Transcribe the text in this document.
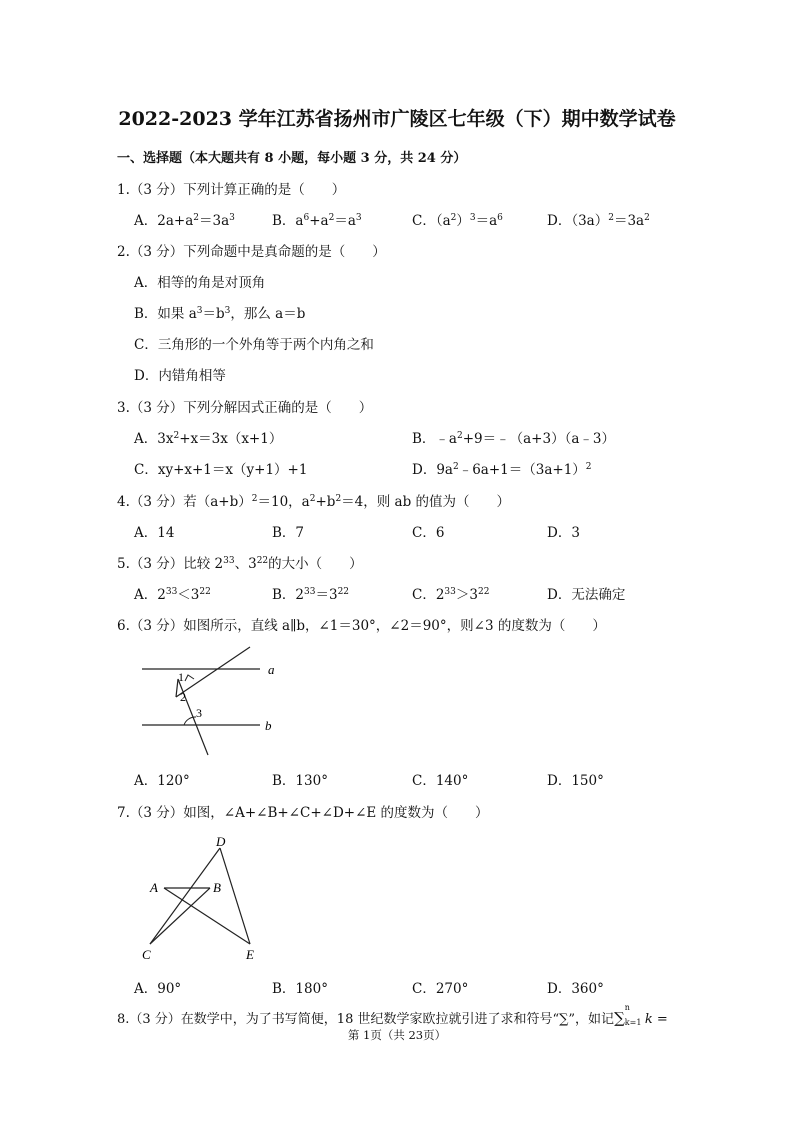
2022-2023 学年江苏省扬州市广陵区七年级（下）期中数学试卷
一、选择题（本大题共有 8 小题，每小题 3 分，共 24 分）
1.（3 分）下列计算正确的是（　　）
A．$2a+a^2=3a^3$	B．$a^6+a^2=a^3$	C．$(a^2)^3=a^6$	D．$(3a)^2=3a^2$
2.（3 分）下列命题中是真命题的是（　　）
A．相等的角是对顶角
B．如果 $a^3=b^3$，那么 a＝b
C．三角形的一个外角等于两个内角之和
D．内错角相等
3.（3 分）下列分解因式正确的是（　　）
A．$3x^2+x=3x(x+1)$	B．$﹣a^2+9=﹣(a+3)(a﹣3)$
C．xy+x+1＝x（y+1）+1	D．$9a^2﹣6a+1=(3a+1)^2$
4.（3 分）若$(a+b)^2=10$，$a^2+b^2=4$，则 ab 的值为（　　）
A．14	B．7	C．6	D．3
5.（3 分）比较 $2^{33}$、$3^{22}$的大小（　　）
A．$2^{33}<3^{22}$	B．$2^{33}=3^{22}$	C．$2^{33}>3^{22}$	D．无法确定
6.（3 分）如图所示，直线 a∥b，∠1＝30°，∠2＝90°，则∠3 的度数为（　　）
a
b
1
2
3
A．120°	B．130°	C．140°	D．150°
7.（3 分）如图，∠A+∠B+∠C+∠D+∠E 的度数为（　　）
D
A	B
C	E
A．90°	B．180°	C．270°	D．360°
8.（3 分）在数学中，为了书写简便，18 世纪数学家欧拉就引进了求和符号“∑”，如记∑
n
k=1 k =
第 1页（共 23页）
